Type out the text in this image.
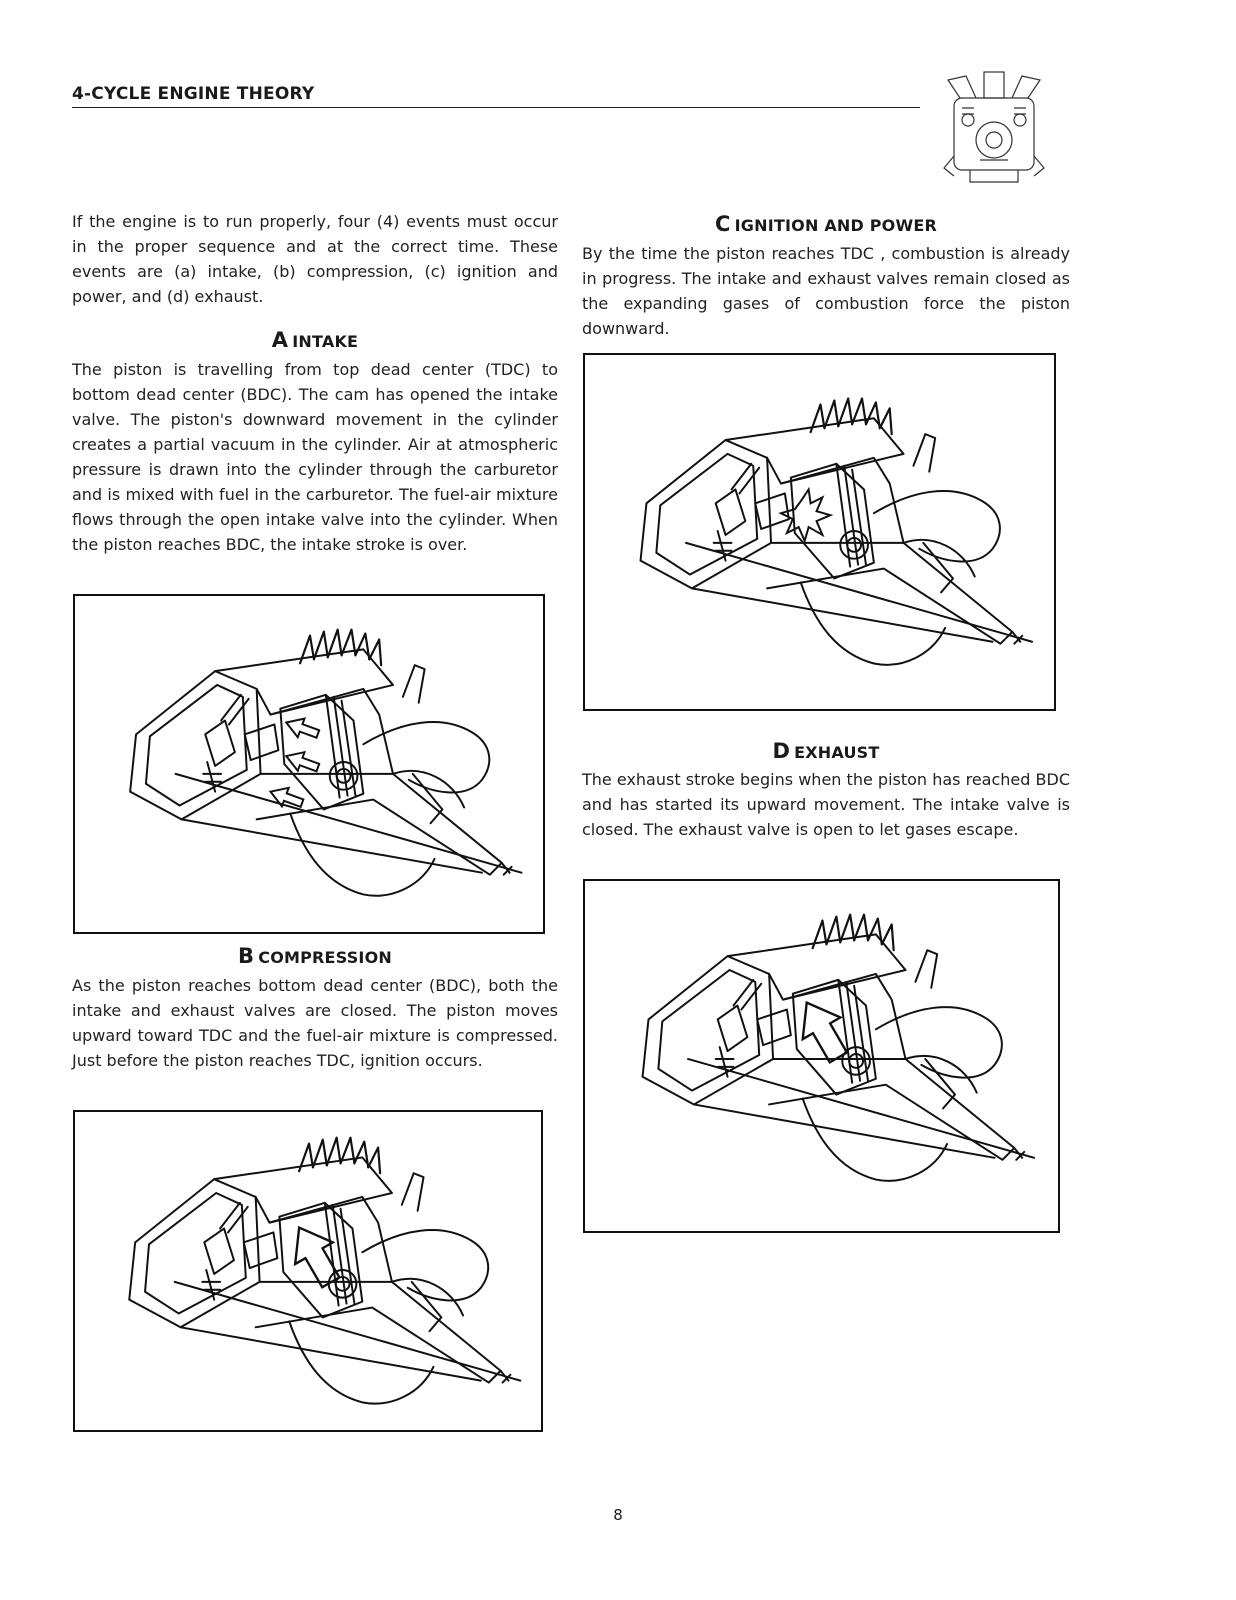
4-CYCLE ENGINE THEORY

If the engine is to run properly, four (4) events must occur in the proper sequence and at the correct time. These events are (a) intake, (b) compression, (c) ignition and power, and (d) exhaust.

A INTAKE

The piston is travelling from top dead center (TDC) to bottom dead center (BDC). The cam has opened the intake valve. The piston's downward movement in the cylinder creates a partial vacuum in the cylinder. Air at atmospheric pressure is drawn into the cylinder through the carburetor and is mixed with fuel in the carburetor. The fuel-air mixture flows through the open intake valve into the cylinder. When the piston reaches BDC, the intake stroke is over.

B COMPRESSION

As the piston reaches bottom dead center (BDC), both the intake and exhaust valves are closed. The piston moves upward toward TDC and the fuel-air mixture is compressed. Just before the piston reaches TDC, ignition occurs.

C IGNITION AND POWER

By the time the piston reaches TDC , combustion is already in progress. The intake and exhaust valves remain closed as the expanding gases of combustion force the piston downward.

D EXHAUST

The exhaust stroke begins when the piston has reached BDC and has started its upward movement. The intake valve is closed. The exhaust valve is open to let gases escape.

8
